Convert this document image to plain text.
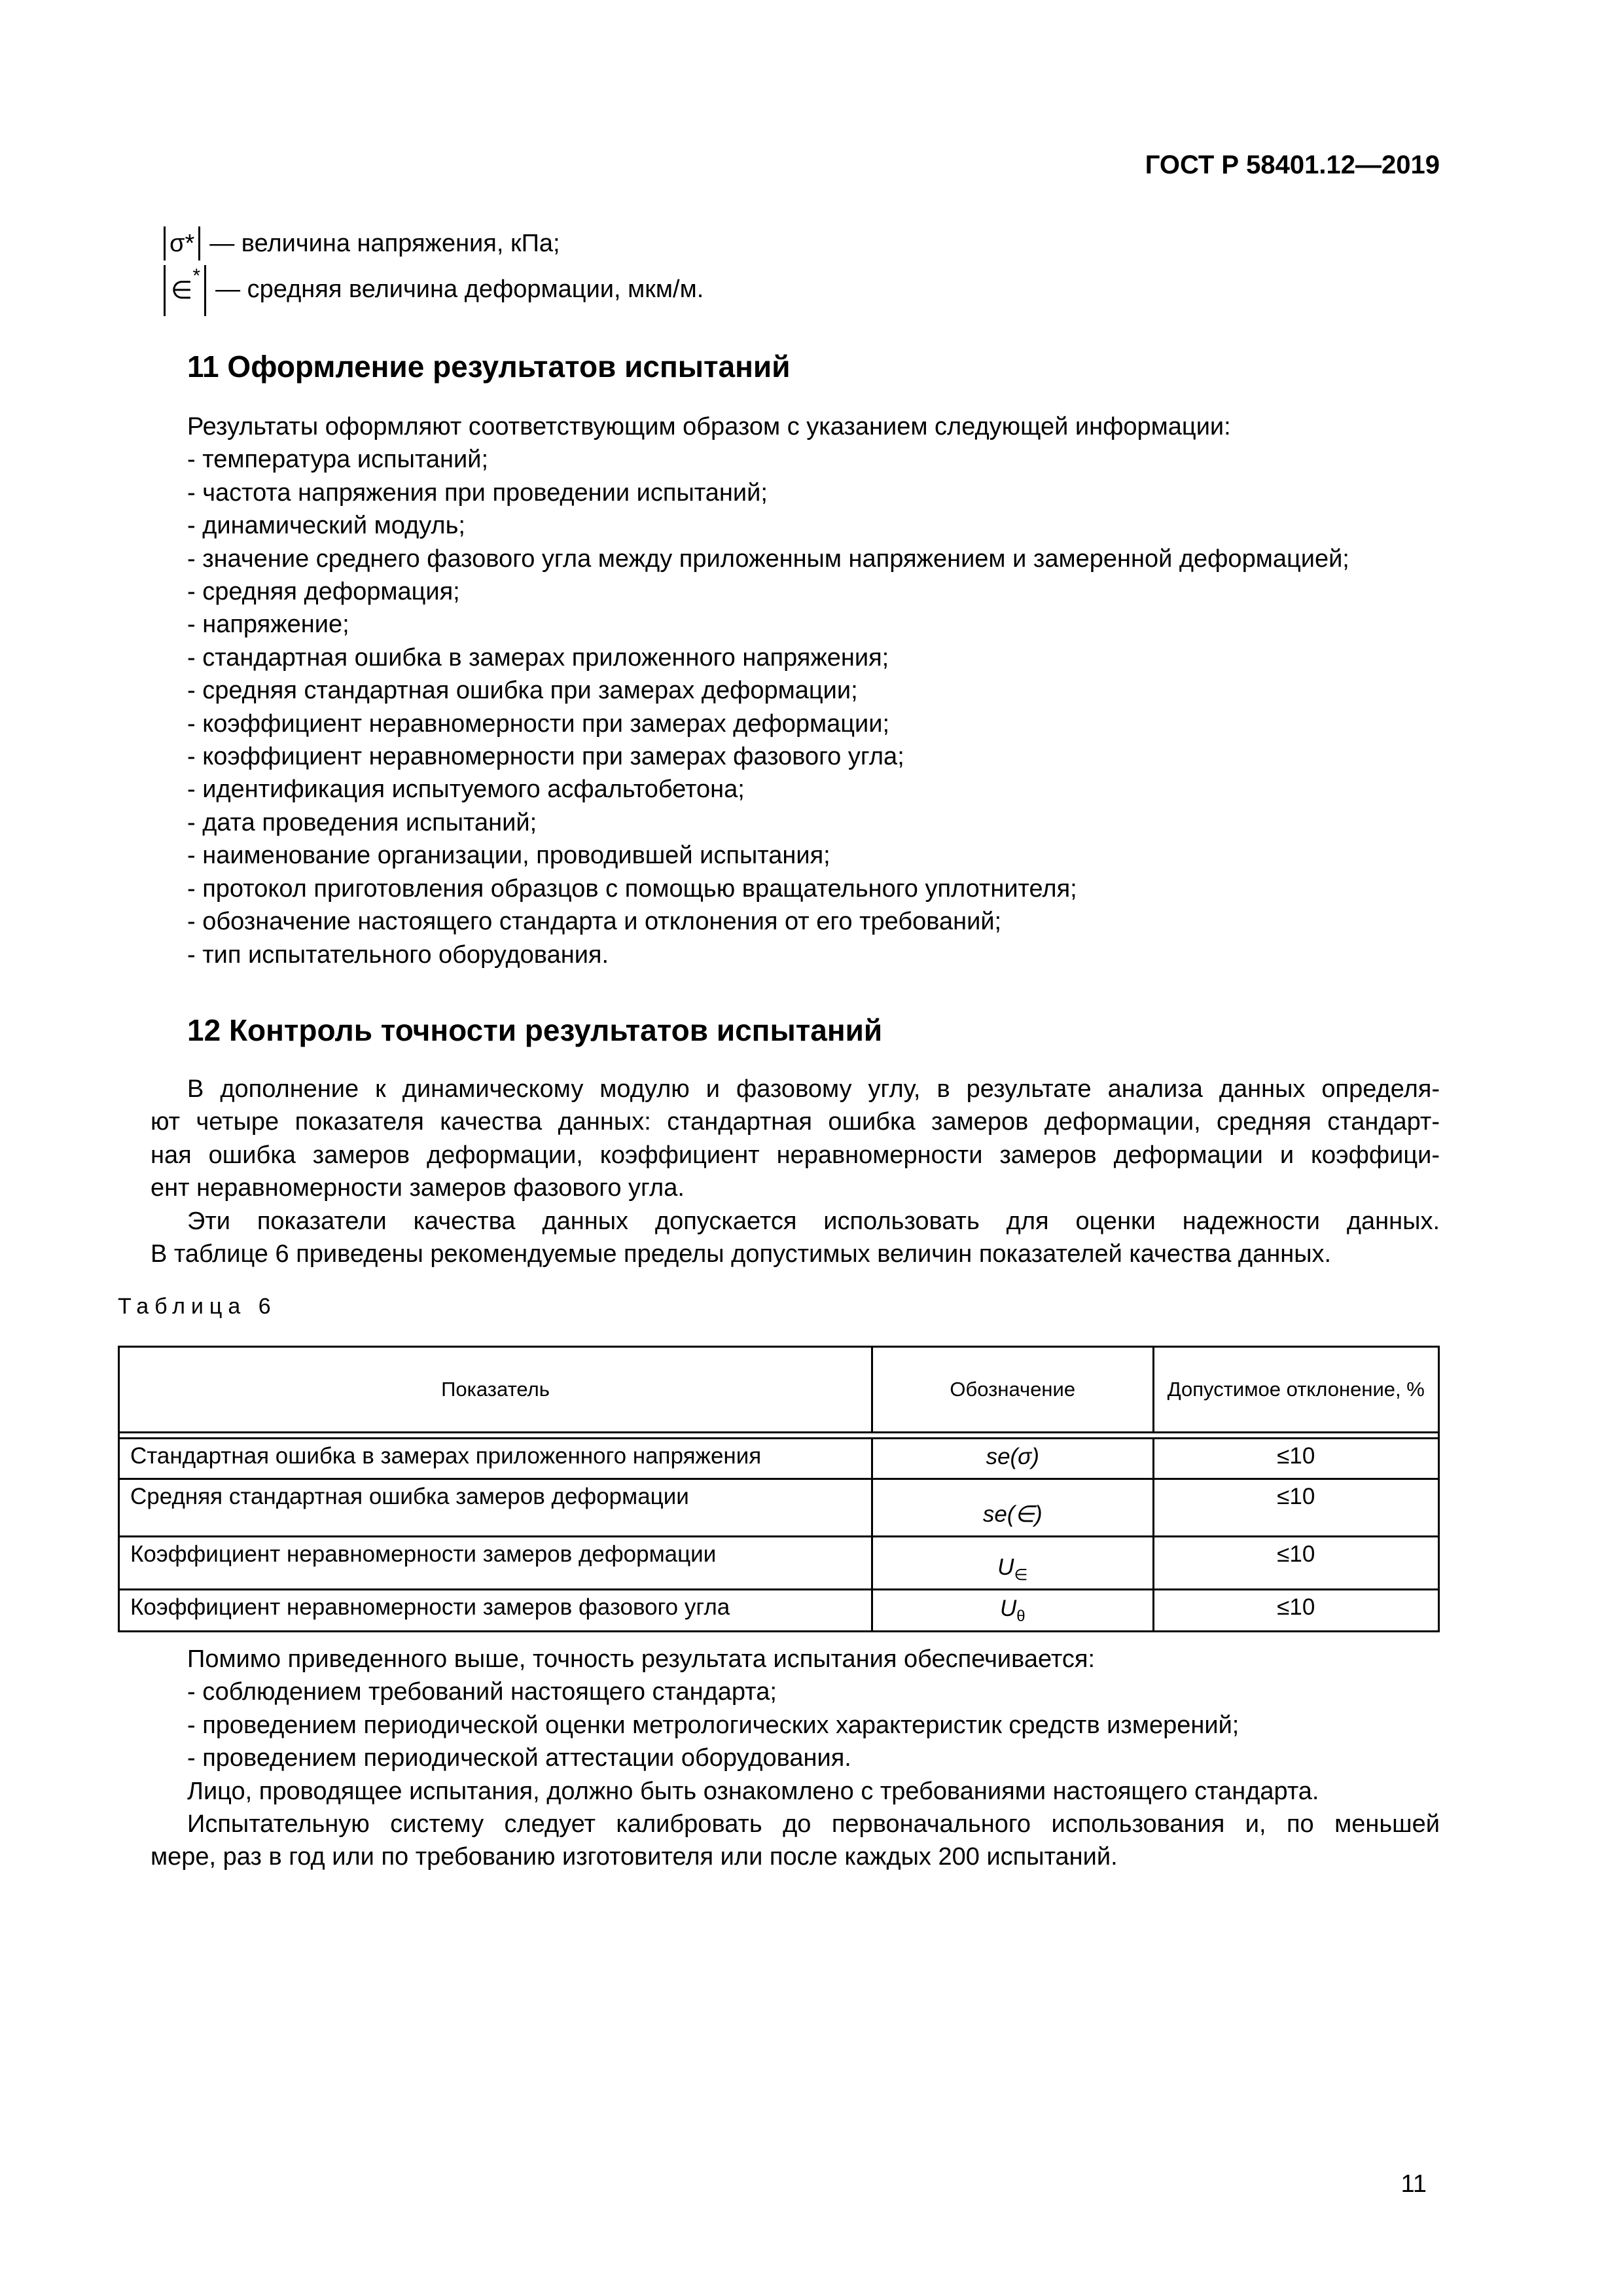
ГОСТ Р 58401.12—2019
σ* — величина напряжения, кПа;
∈
* — средняя величина деформации, мкм/м.
11 Оформление результатов испытаний
Результаты оформляют соответствующим образом с указанием следующей информации:
- температура испытаний;
- частота напряжения при проведении испытаний;
- динамический модуль;
- значение среднего фазового угла между приложенным напряжением и замеренной деформацией;
- средняя деформация;
- напряжение;
- стандартная ошибка в замерах приложенного напряжения;
- средняя стандартная ошибка при замерах деформации;
- коэффициент неравномерности при замерах деформации;
- коэффициент неравномерности при замерах фазового угла;
- идентификация испытуемого асфальтобетона;
- дата проведения испытаний;
- наименование организации, проводившей испытания;
- протокол приготовления образцов с помощью вращательного уплотнителя;
- обозначение настоящего стандарта и отклонения от его требований;
- тип испытательного оборудования.
12 Контроль точности результатов испытаний
В дополнение к динамическому модулю и фазовому углу, в результате анализа данных определя-
ют четыре показателя качества данных: стандартная ошибка замеров деформации, средняя стандарт-
ная ошибка замеров деформации, коэффициент неравномерности замеров деформации и коэффици-
ент неравномерности замеров фазового угла.
Эти показатели качества данных допускается использовать для оценки надежности данных.
В таблице 6 приведены рекомендуемые пределы допустимых величин показателей качества данных.
Таблица 6
Показатель	Обозначение	Допустимое отклонение, %

Стандартная ошибка в замерах приложенного напряжения	se(σ)	≤10
Средняя стандартная ошибка замеров деформации	se(∈)	≤10
Коэффициент неравномерности замеров деформации	$U_\in$	≤10
Коэффициент неравномерности замеров фазового угла	$U_\theta$	≤10
Помимо приведенного выше, точность результата испытания обеспечивается:
- соблюдением требований настоящего стандарта;
- проведением периодической оценки метрологических характеристик средств измерений;
- проведением периодической аттестации оборудования.
Лицо, проводящее испытания, должно быть ознакомлено с требованиями настоящего стандарта.
Испытательную систему следует калибровать до первоначального использования и, по меньшей
мере, раз в год или по требованию изготовителя или после каждых 200 испытаний.
11
